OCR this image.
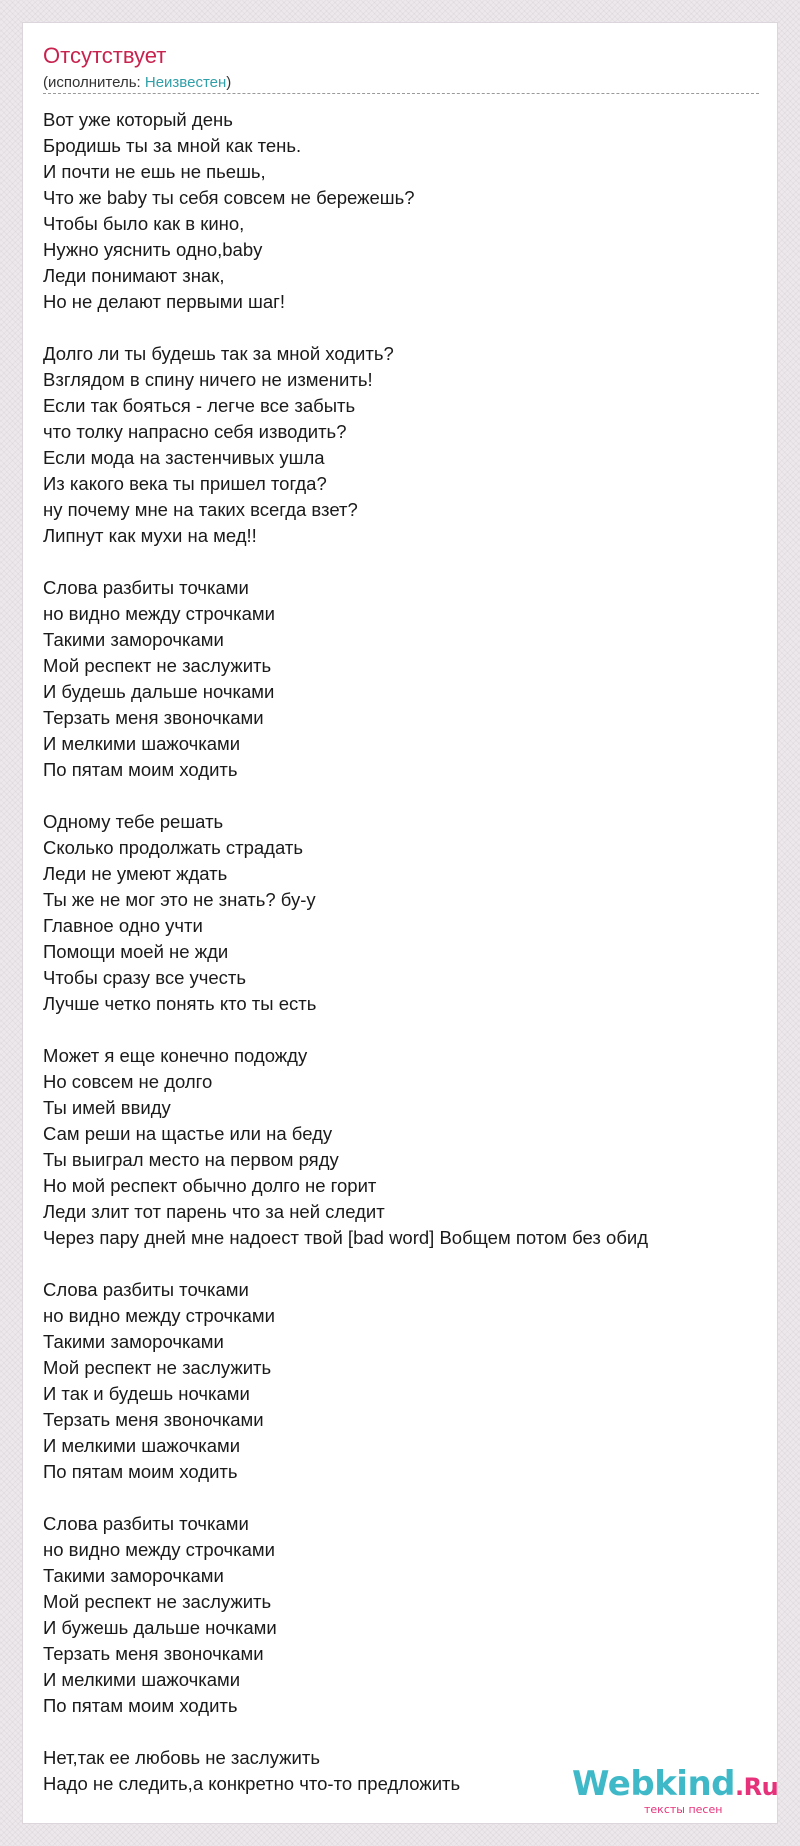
Отсутствует
(исполнитель: Неизвестен)
Вот уже который день
Бродишь ты за мной как тень.
И почти не ешь не пьешь,
Что же baby ты себя совсем не бережешь?
Чтобы было как в кино,
Нужно уяснить одно,baby
Леди понимают знак,
Но не делают первыми шаг!
Долго ли ты будешь так за мной ходить?
Взглядом в спину ничего не изменить!
Если так бояться - легче все забыть
что толку напрасно себя изводить?
Если мода на застенчивых ушла
Из какого века ты пришел тогда?
ну почему мне на таких всегда взет?
Липнут как мухи на мед!!
Слова разбиты точками
но видно между строчками
Такими заморочками
Мой респект не заслужить
И будешь дальше ночками
Терзать меня звоночками
И мелкими шажочками
По пятам моим ходить
Одному тебе решать
Сколько продолжать страдать
Леди не умеют ждать
Ты же не мог это не знать? бу-у
Главное одно учти
Помощи моей не жди
Чтобы сразу все учесть
Лучше четко понять кто ты есть
Может я еще конечно подожду
Но совсем не долго
Ты имей ввиду
Сам реши на щастье или на беду
Ты выиграл место на первом ряду
Но мой респект обычно долго не горит
Леди злит тот парень что за ней следит
Через пару дней мне надоест твой [bad word] Вобщем потом без обид
Слова разбиты точками
но видно между строчками
Такими заморочками
Мой респект не заслужить
И так и будешь ночками
Терзать меня звоночками
И мелкими шажочками
По пятам моим ходить
Слова разбиты точками
но видно между строчками
Такими заморочками
Мой респект не заслужить
И бужешь дальше ночками
Терзать меня звоночками
И мелкими шажочками
По пятам моим ходить
Нет,так ее любовь не заслужить
Надо не следить,а конкретно что-то предложить	Webkind.Ru
тексты песен
